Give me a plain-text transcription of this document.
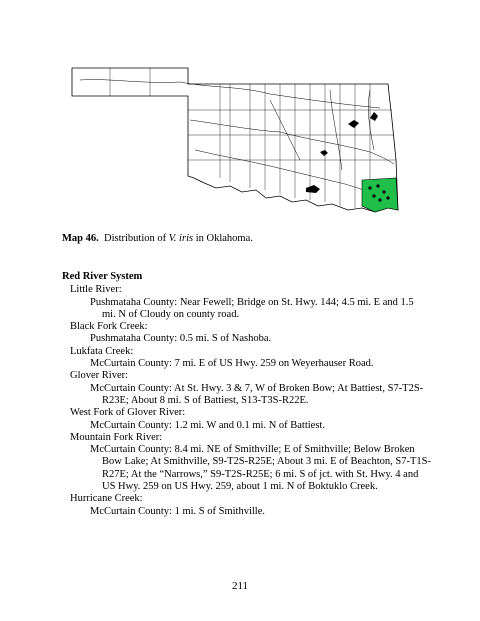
Map 46. Distribution of V. iris in Oklahoma.
Red River System
Little River:
Pushmataha County: Near Fewell; Bridge on St. Hwy. 144; 4.5 mi. E and 1.5
mi. N of Cloudy on county road.
Black Fork Creek:
Pushmataha County: 0.5 mi. S of Nashoba.
Lukfata Creek:
McCurtain County: 7 mi. E of US Hwy. 259 on Weyerhauser Road.
Glover River:
McCurtain County: At St. Hwy. 3 & 7, W of Broken Bow; At Battiest, S7-T2S-
R23E; About 8 mi. S of Battiest, S13-T3S-R22E.
West Fork of Glover River:
McCurtain County: 1.2 mi. W and 0.1 mi. N of Battiest.
Mountain Fork River:
McCurtain County: 8.4 mi. NE of Smithville; E of Smithville; Below Broken
Bow Lake; At Smithville, S9-T2S-R25E; About 3 mi. E of Beachton, S7-T1S-
R27E; At the “Narrows,” S9-T2S-R25E; 6 mi. S of jct. with St. Hwy. 4 and
US Hwy. 259 on US Hwy. 259, about 1 mi. N of Boktuklo Creek.
Hurricane Creek:
McCurtain County: 1 mi. S of Smithville.
211
